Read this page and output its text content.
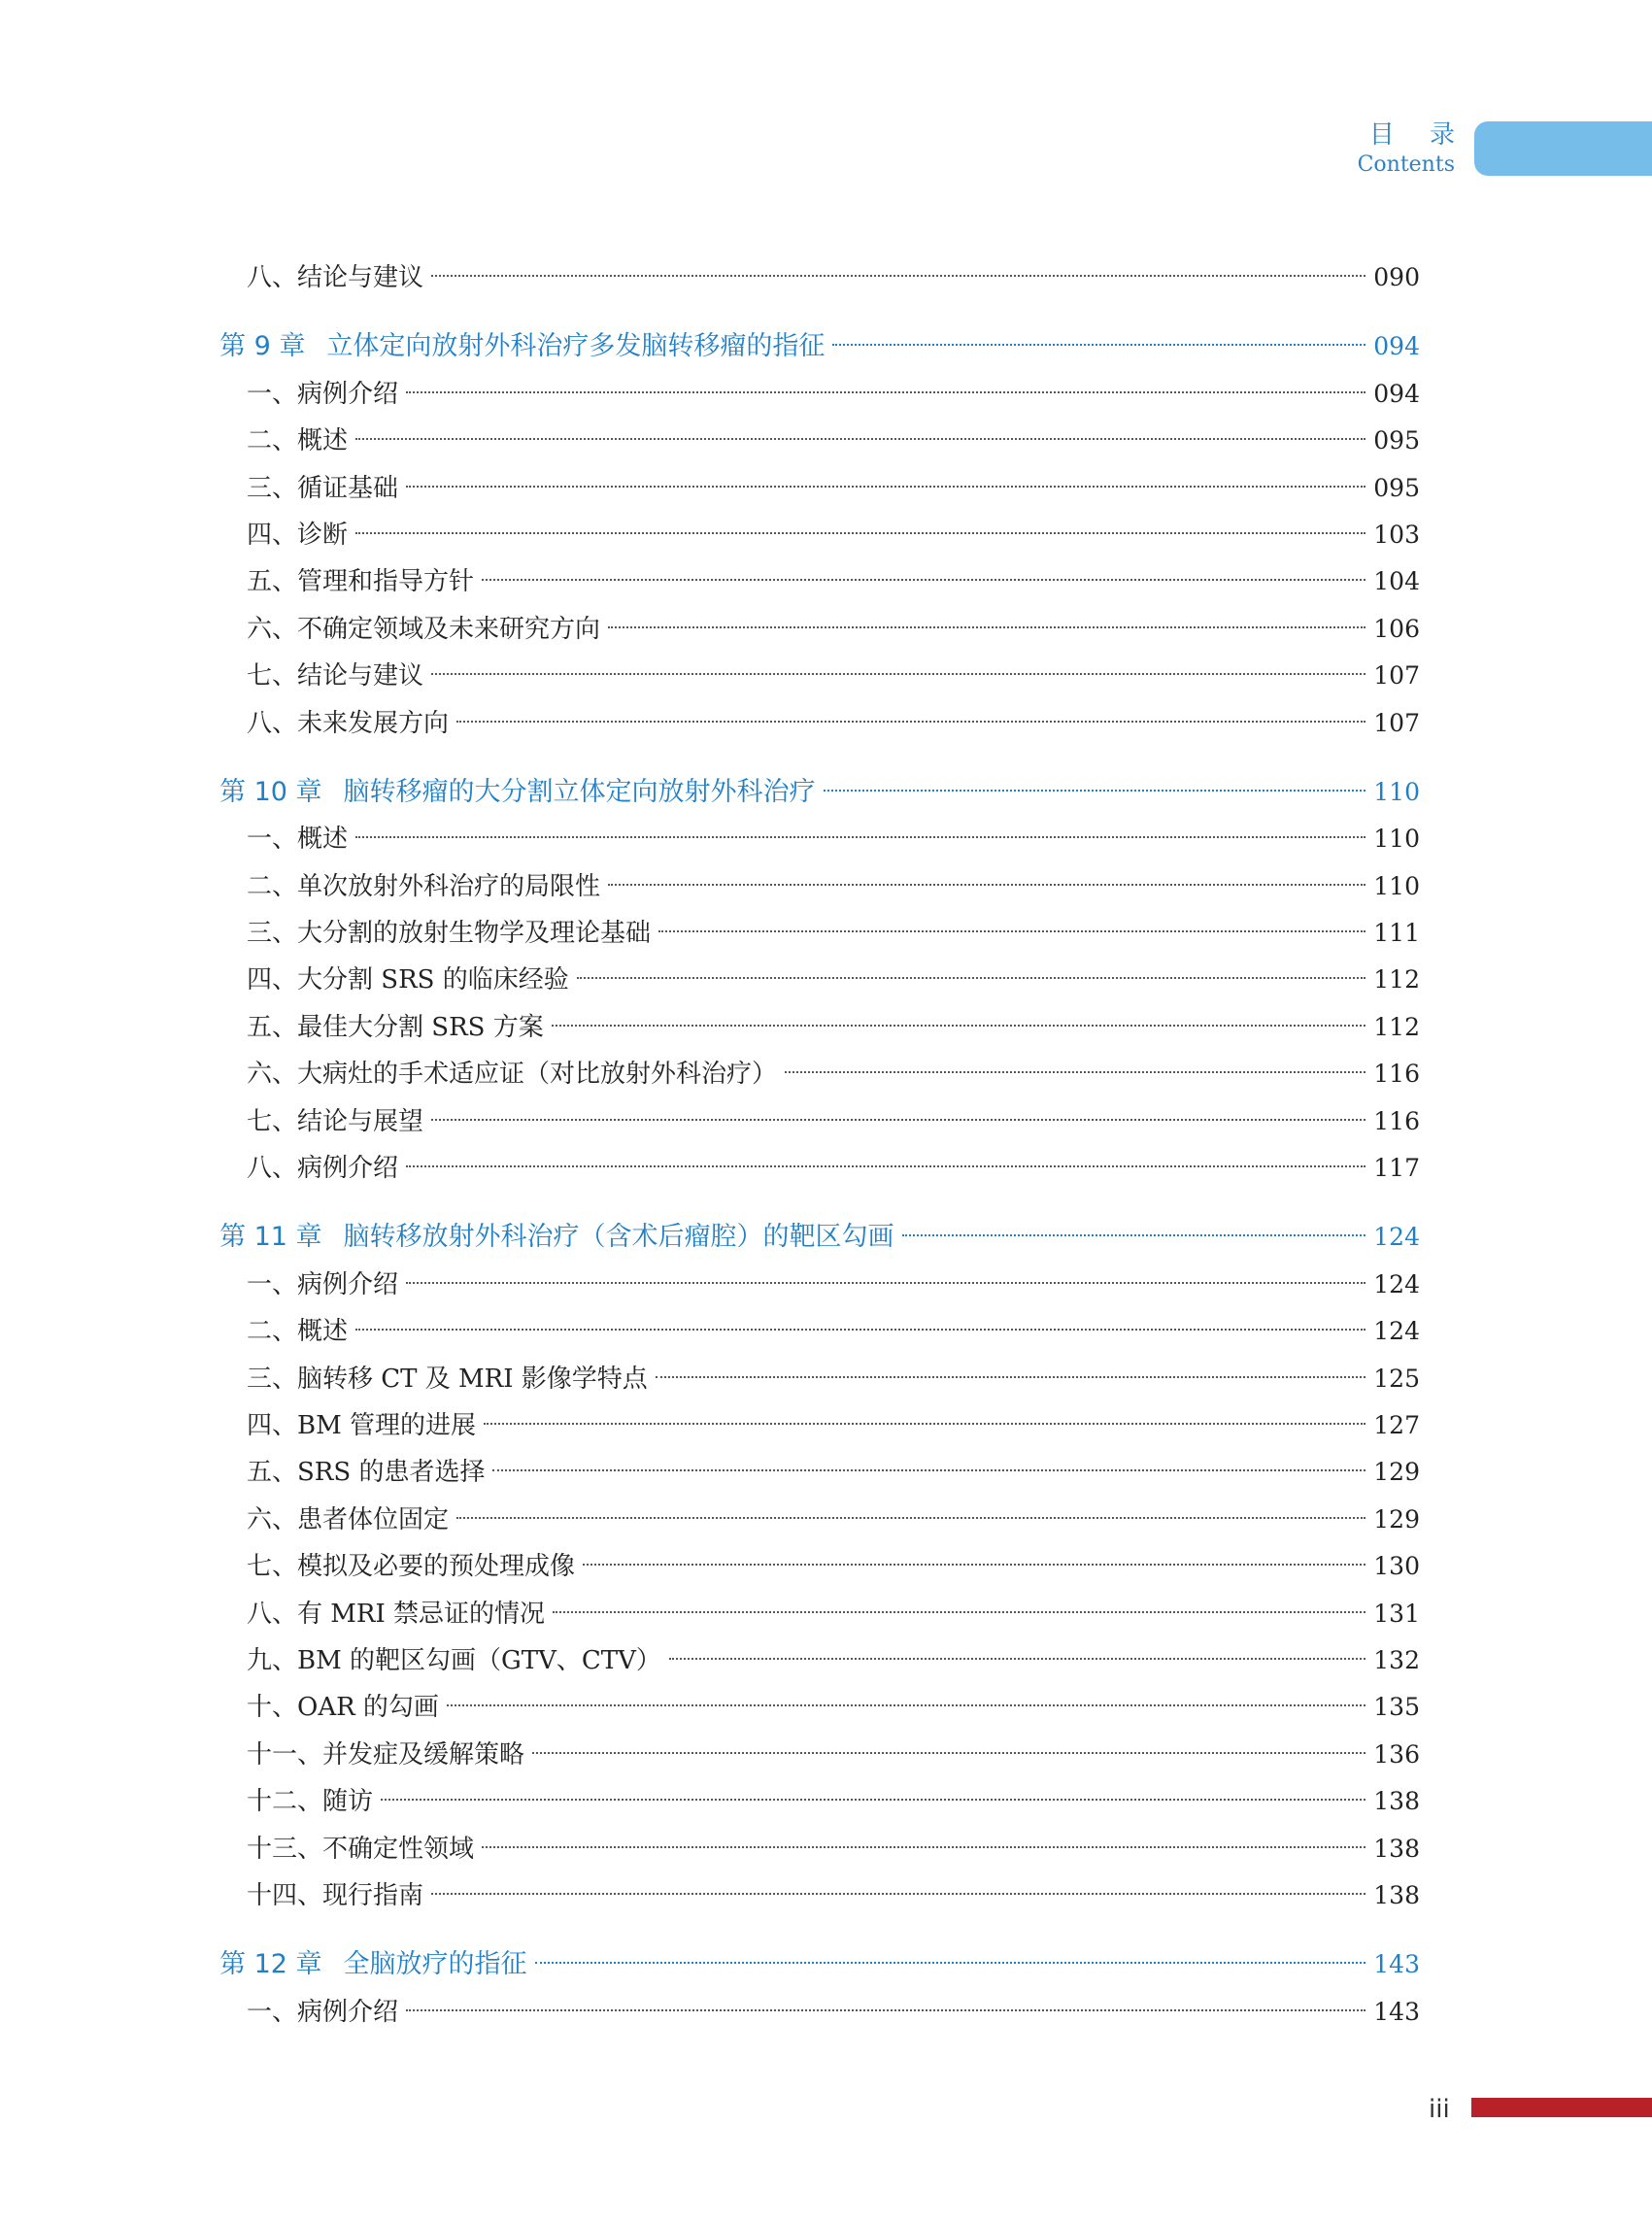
目 录
Contents
八、结论与建议	090
第 9 章 立体定向放射外科治疗多发脑转移瘤的指征	094
一、病例介绍	094
二、概述	095
三、循证基础	095
四、诊断	103
五、管理和指导方针	104
六、不确定领域及未来研究方向	106
七、结论与建议	107
八、未来发展方向	107
第 10 章 脑转移瘤的大分割立体定向放射外科治疗	110
一、概述	110
二、单次放射外科治疗的局限性	110
三、大分割的放射生物学及理论基础	111
四、大分割 SRS 的临床经验	112
五、最佳大分割 SRS 方案	112
六、大病灶的手术适应证（对比放射外科治疗）	116
七、结论与展望	116
八、病例介绍	117
第 11 章 脑转移放射外科治疗（含术后瘤腔）的靶区勾画	124
一、病例介绍	124
二、概述	124
三、脑转移 CT 及 MRI 影像学特点	125
四、BM 管理的进展	127
五、SRS 的患者选择	129
六、患者体位固定	129
七、模拟及必要的预处理成像	130
八、有 MRI 禁忌证的情况	131
九、BM 的靶区勾画（GTV、CTV）	132
十、OAR 的勾画	135
十一、并发症及缓解策略	136
十二、随访	138
十三、不确定性领域	138
十四、现行指南	138
第 12 章 全脑放疗的指征	143
一、病例介绍	143
iii
